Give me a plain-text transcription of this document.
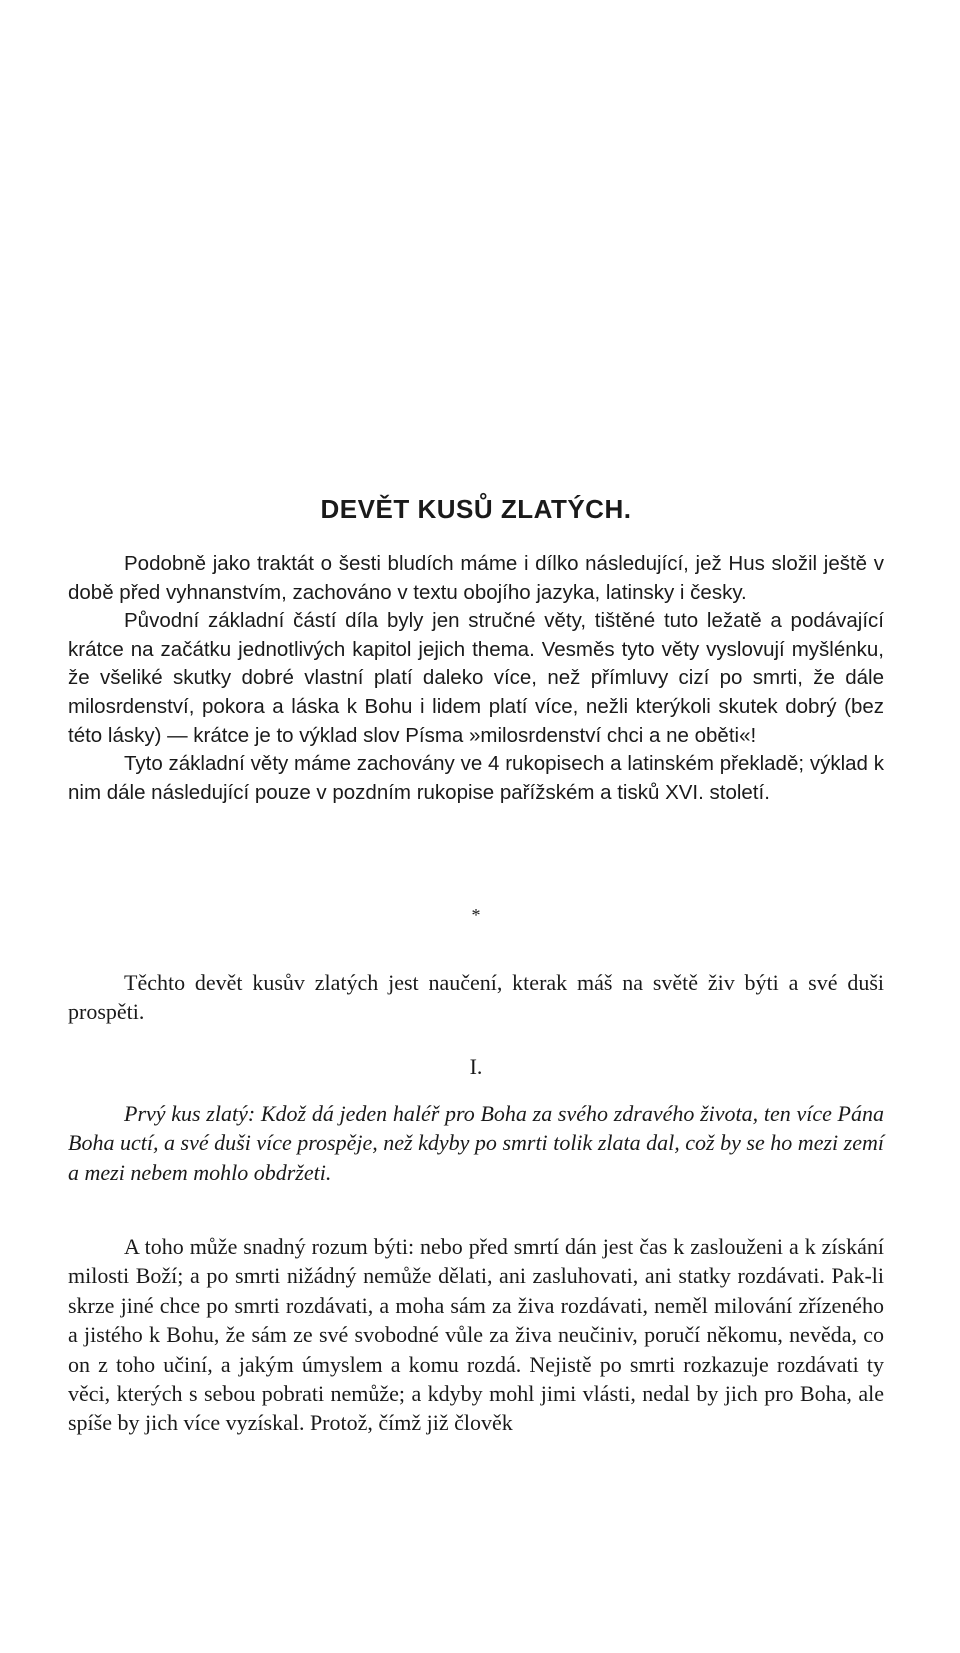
DEVĚT KUSŮ ZLATÝCH.

Podobně jako traktát o šesti bludích máme i dílko následující, jež Hus složil ještě v době před vyhnanstvím, zachováno v textu obojího jazyka, latinsky i česky.

Původní základní částí díla byly jen stručné věty, tištěné tuto ležatě a podávající krátce na začátku jednotlivých kapitol jejich thema. Vesměs tyto věty vyslovují myšlénku, že všeliké skutky dobré vlastní platí daleko více, než přímluvy cizí po smrti, že dále milosrdenství, pokora a láska k Bohu i lidem platí více, nežli kterýkoli skutek dobrý (bez této lásky) — krátce je to výklad slov Písma »milosrdenství chci a ne oběti«!

Tyto základní věty máme zachovány ve 4 rukopisech a latinském překladě; výklad k nim dále následující pouze v pozdním rukopise pařížském a tisků XVI. století.

*

Těchto devět kusův zlatých jest naučení, kterak máš na světě živ býti a své duši prospěti.

I.

Prvý kus zlatý: Kdož dá jeden haléř pro Boha za svého zdravého života, ten více Pána Boha uctí, a své duši více prospěje, než kdyby po smrti tolik zlata dal, což by se ho mezi zemí a mezi nebem mohlo obdržeti.

A toho může snadný rozum býti: nebo před smrtí dán jest čas k zaslouženi a k získání milosti Boží; a po smrti nižádný nemůže dělati, ani zasluhovati, ani statky rozdávati. Pak-li skrze jiné chce po smrti rozdávati, a moha sám za živa rozdávati, neměl milování zřízeného a jistého k Bohu, že sám ze své svobodné vůle za živa neučiniv, poručí někomu, nevěda, co on z toho učiní, a jakým úmyslem a komu rozdá. Nejistě po smrti rozkazuje rozdávati ty věci, kterých s sebou pobrati nemůže; a kdyby mohl jimi vlásti, nedal by jich pro Boha, ale spíše by jich více vyzískal. Protož, čímž již člověk
